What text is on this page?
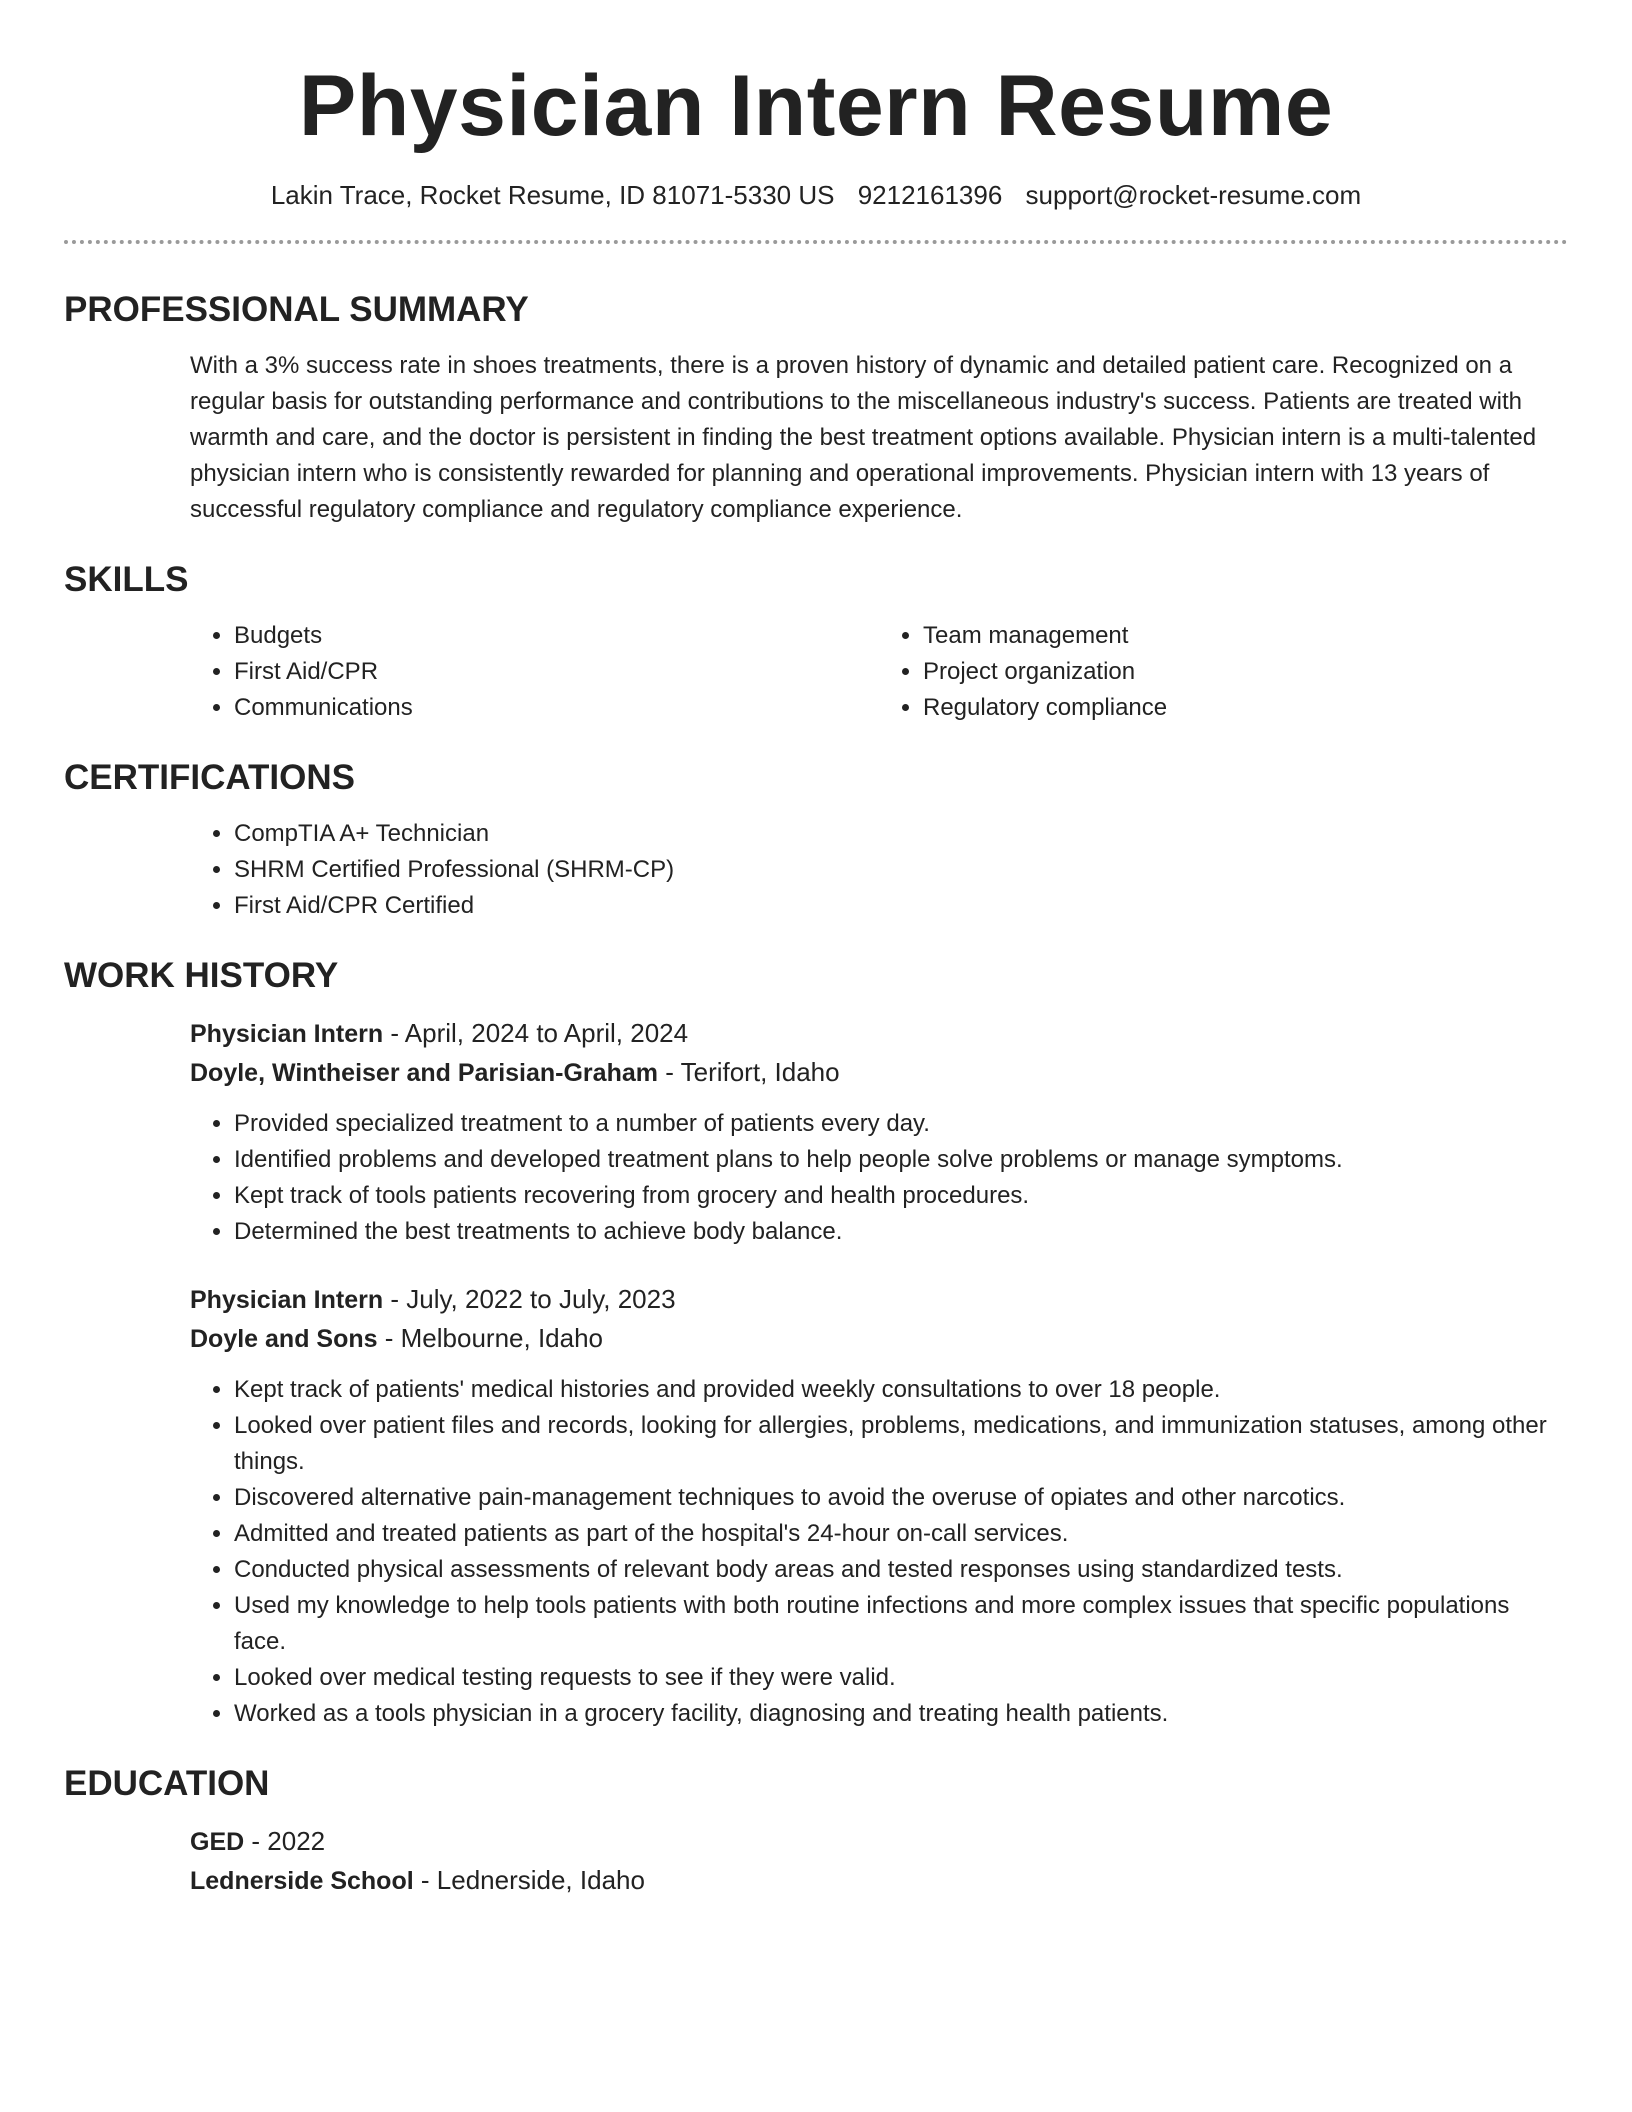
Physician Intern Resume
Lakin Trace, Rocket Resume, ID 81071-5330 US 9212161396 support@rocket-resume.com
PROFESSIONAL SUMMARY

With a 3% success rate in shoes treatments, there is a proven history of dynamic and detailed patient care. Recognized on a regular basis for outstanding performance and contributions to the miscellaneous industry's success. Patients are treated with warmth and care, and the doctor is persistent in finding the best treatment options available. Physician intern is a multi-talented physician intern who is consistently rewarded for planning and operational improvements. Physician intern with 13 years of successful regulatory compliance and regulatory compliance experience.

SKILLS
• Budgets
• First Aid/CPR
• Communications
• Team management
• Project organization
• Regulatory compliance
CERTIFICATIONS
• CompTIA A+ Technician
• SHRM Certified Professional (SHRM-CP)
• First Aid/CPR Certified
WORK HISTORY
Physician Intern - April, 2024 to April, 2024
Doyle, Wintheiser and Parisian-Graham - Terifort, Idaho
• Provided specialized treatment to a number of patients every day.
• Identified problems and developed treatment plans to help people solve problems or manage symptoms.
• Kept track of tools patients recovering from grocery and health procedures.
• Determined the best treatments to achieve body balance.
Physician Intern - July, 2022 to July, 2023
Doyle and Sons - Melbourne, Idaho
• Kept track of patients' medical histories and provided weekly consultations to over 18 people.
• Looked over patient files and records, looking for allergies, problems, medications, and immunization statuses, among other things.
• Discovered alternative pain-management techniques to avoid the overuse of opiates and other narcotics.
• Admitted and treated patients as part of the hospital's 24-hour on-call services.
• Conducted physical assessments of relevant body areas and tested responses using standardized tests.
• Used my knowledge to help tools patients with both routine infections and more complex issues that specific populations face.
• Looked over medical testing requests to see if they were valid.
• Worked as a tools physician in a grocery facility, diagnosing and treating health patients.
EDUCATION
GED - 2022
Lednerside School - Lednerside, Idaho
